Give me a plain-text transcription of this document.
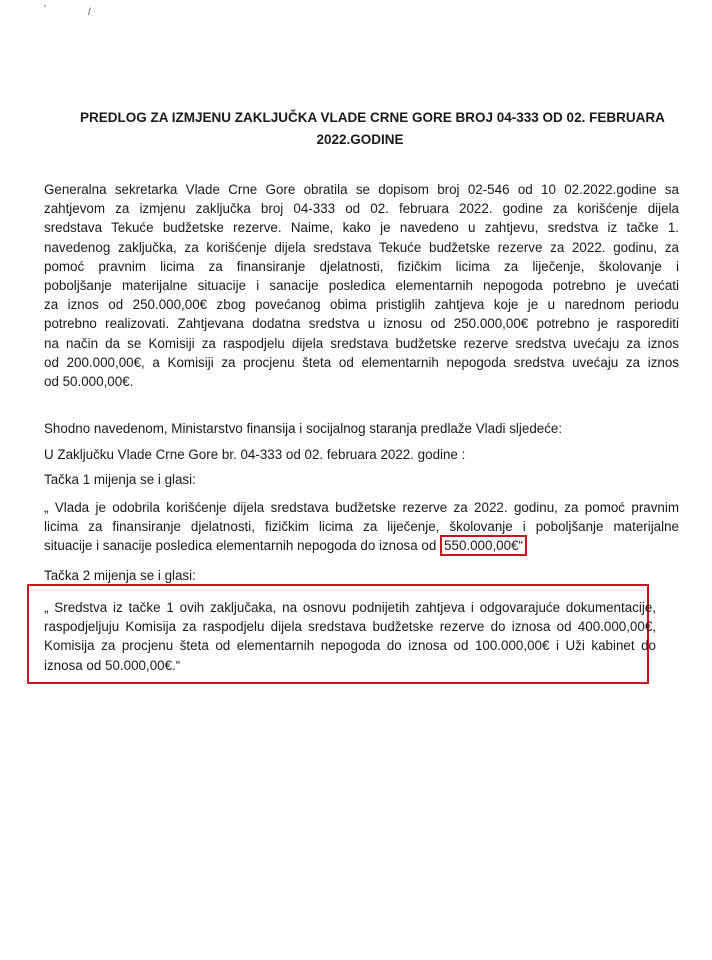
'	/
PREDLOG ZA IZMJENU ZAKLJUČKA VLADE CRNE GORE BROJ 04-333 OD 02. FEBRUARA
2022.GODINE
Generalna sekretarka Vlade Crne Gore obratila se dopisom broj 02-546 od 10 02.2022.godine sa
zahtjevom za izmjenu zaključka broj 04-333 od 02. februara 2022. godine za korišćenje dijela
sredstava Tekuće budžetske rezerve. Naime, kako je navedeno u zahtjevu, sredstva iz tačke 1.
navedenog zaključka, za korišćenje dijela sredstava Tekuće budžetske rezerve za 2022. godinu, za
pomoć pravnim licima za finansiranje djelatnosti, fizičkim licima za liječenje, školovanje i
poboljšanje materijalne situacije i sanacije posledica elementarnih nepogoda potrebno je uvećati
za iznos od 250.000,00€ zbog povećanog obima pristiglih zahtjeva koje je u narednom periodu
potrebno realizovati. Zahtjevana dodatna sredstva u iznosu od 250.000,00€ potrebno je rasporediti
na način da se Komisiji za raspodjelu dijela sredstava budžetske rezerve sredstva uvećaju za iznos
od 200.000,00€, a Komisiji za procjenu šteta od elementarnih nepogoda sredstva uvećaju za iznos
od 50.000,00€.

Shodno navedenom, Ministarstvo finansija i socijalnog staranja predlaže Vladi sljedeće:

U Zaključku Vlade Crne Gore br. 04-333 od 02. februara 2022. godine :

Tačka 1 mijenja se i glasi:

„ Vlada je odobrila korišćenje dijela sredstava budžetske rezerve za 2022. godinu, za pomoć pravnim
licima za finansiranje djelatnosti, fizičkim licima za liječenje, školovanje i poboljšanje materijalne
situacije i sanacije posledica elementarnih nepogoda do iznosa od 550.000,00€“

Tačka 2 mijenja se i glasi:

„ Sredstva iz tačke 1 ovih zaključaka, na osnovu podnijetih zahtjeva i odgovarajuće dokumentacije,
raspodjeljuju Komisija za raspodjelu dijela sredstava budžetske rezerve do iznosa od 400.000,00€,
Komisija za procjenu šteta od elementarnih nepogoda do iznosa od 100.000,00€ i Uži kabinet do
iznosa od 50.000,00€.“
